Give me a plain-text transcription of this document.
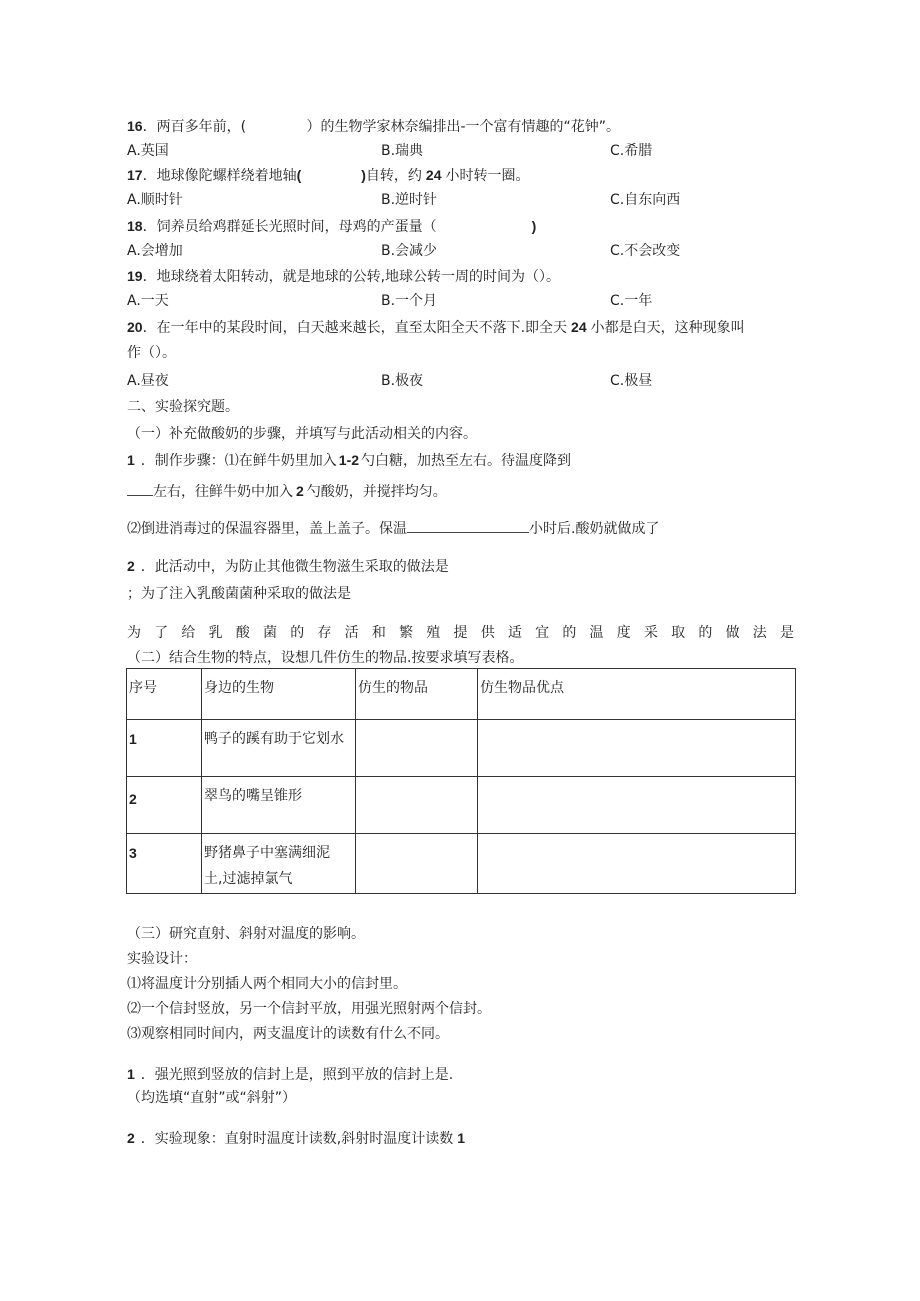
16．两百多年前，(　　　　 ）的生物学家林奈编排出-一个富有情趣的“花钟”。
A.英国	B.瑞典	C.希腊
17．地球像陀螺样绕着地轴(	)自转，约 24 小时转一圈。
A.顺时针	B.逆时针	C.自东向西
18．饲养员给鸡群延长光照时间，母鸡的产蛋量（	)
A.会增加	B.会减少	C.不会改变
19．地球绕着太阳转动，就是地球的公转,地球公转一周的时间为（）。
A.一天	B.一个月	C.一年
20．在一年中的某段时间，白天越来越长，直至太阳全天不落下.即全天 24 小都是白天，这种现象叫
作（）。
A.昼夜	B.极夜	C.极昼
二、实验探究题。
（一）补充做酸奶的步骤，并填写与此活动相关的内容。
1 ．制作步骤：⑴在鲜牛奶里加入 1-2 勺白糖，加热至左右。待温度降到
左右，往鲜牛奶中加入 2 勺酸奶，并搅拌均匀。
⑵倒进消毒过的保温容器里，盖上盖子。保温	小时后.酸奶就做成了
2 ．此活动中，为防止其他微生物滋生采取的做法是
；为了注入乳酸菌菌种采取的做法是
为了给乳酸菌的存活和繁殖提供适宜的温度采取的做法是
（二）结合生物的特点，设想几件仿生的物品.按要求填写表格。
序号	身边的生物	仿生的物品	仿生物品优点
1	鸭子的蹊有助于它划水		
2	翠鸟的嘴呈锥形		
3	野猪鼻子中塞满细泥
土,过滤掉氯气		

（三）研究直射、斜射对温度的影响。
实验设计：
⑴将温度计分别插人两个相同大小的信封里。
⑵一个信封竖放，另一个信封平放，用强光照射两个信封。
⑶观察相同时间内，两支温度计的读数有什么不同。
1 ．强光照到竖放的信封上是，照到平放的信封上是.
（均选填“直射”或“斜射”）
2 ．实验现象：直射时温度计读数,斜射时温度计读数 1
